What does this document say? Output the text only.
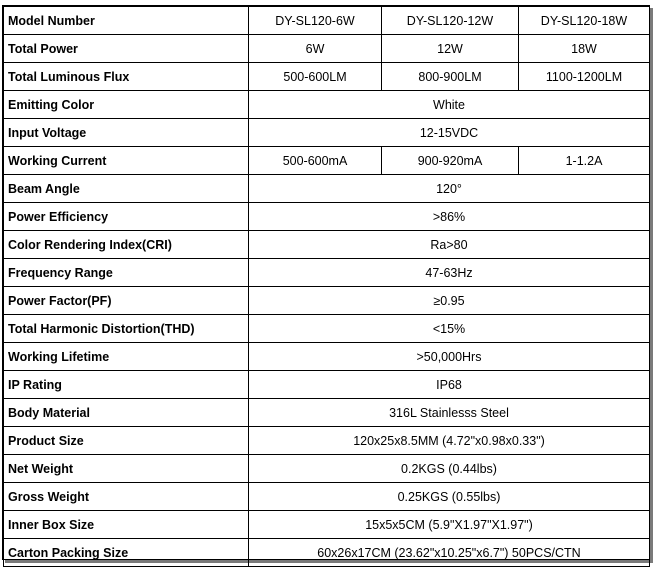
Model Number	DY-SL120-6W	DY-SL120-12W	DY-SL120-18W
Total Power	6W	12W	18W
Total Luminous Flux	500-600LM	800-900LM	1100-1200LM
Emitting Color	White		
Input Voltage	12-15VDC		
Working Current	500-600mA	900-920mA	1-1.2A
Beam Angle	120°		
Power Efficiency	>86%		
Color Rendering Index(CRI)	Ra>80		
Frequency Range	47-63Hz		
Power Factor(PF)	≥0.95		
Total Harmonic Distortion(THD)	<15%		
Working Lifetime	>50,000Hrs		
IP Rating	IP68		
Body Material	316L Stainlesss Steel		
Product Size	120x25x8.5MM (4.72"x0.98x0.33")		
Net Weight	0.2KGS (0.44lbs)		
Gross Weight	0.25KGS (0.55lbs)		
Inner Box Size	15x5x5CM (5.9"X1.97"X1.97")		
Carton Packing Size	60x26x17CM (23.62"x10.25"x6.7") 50PCS/CTN		
